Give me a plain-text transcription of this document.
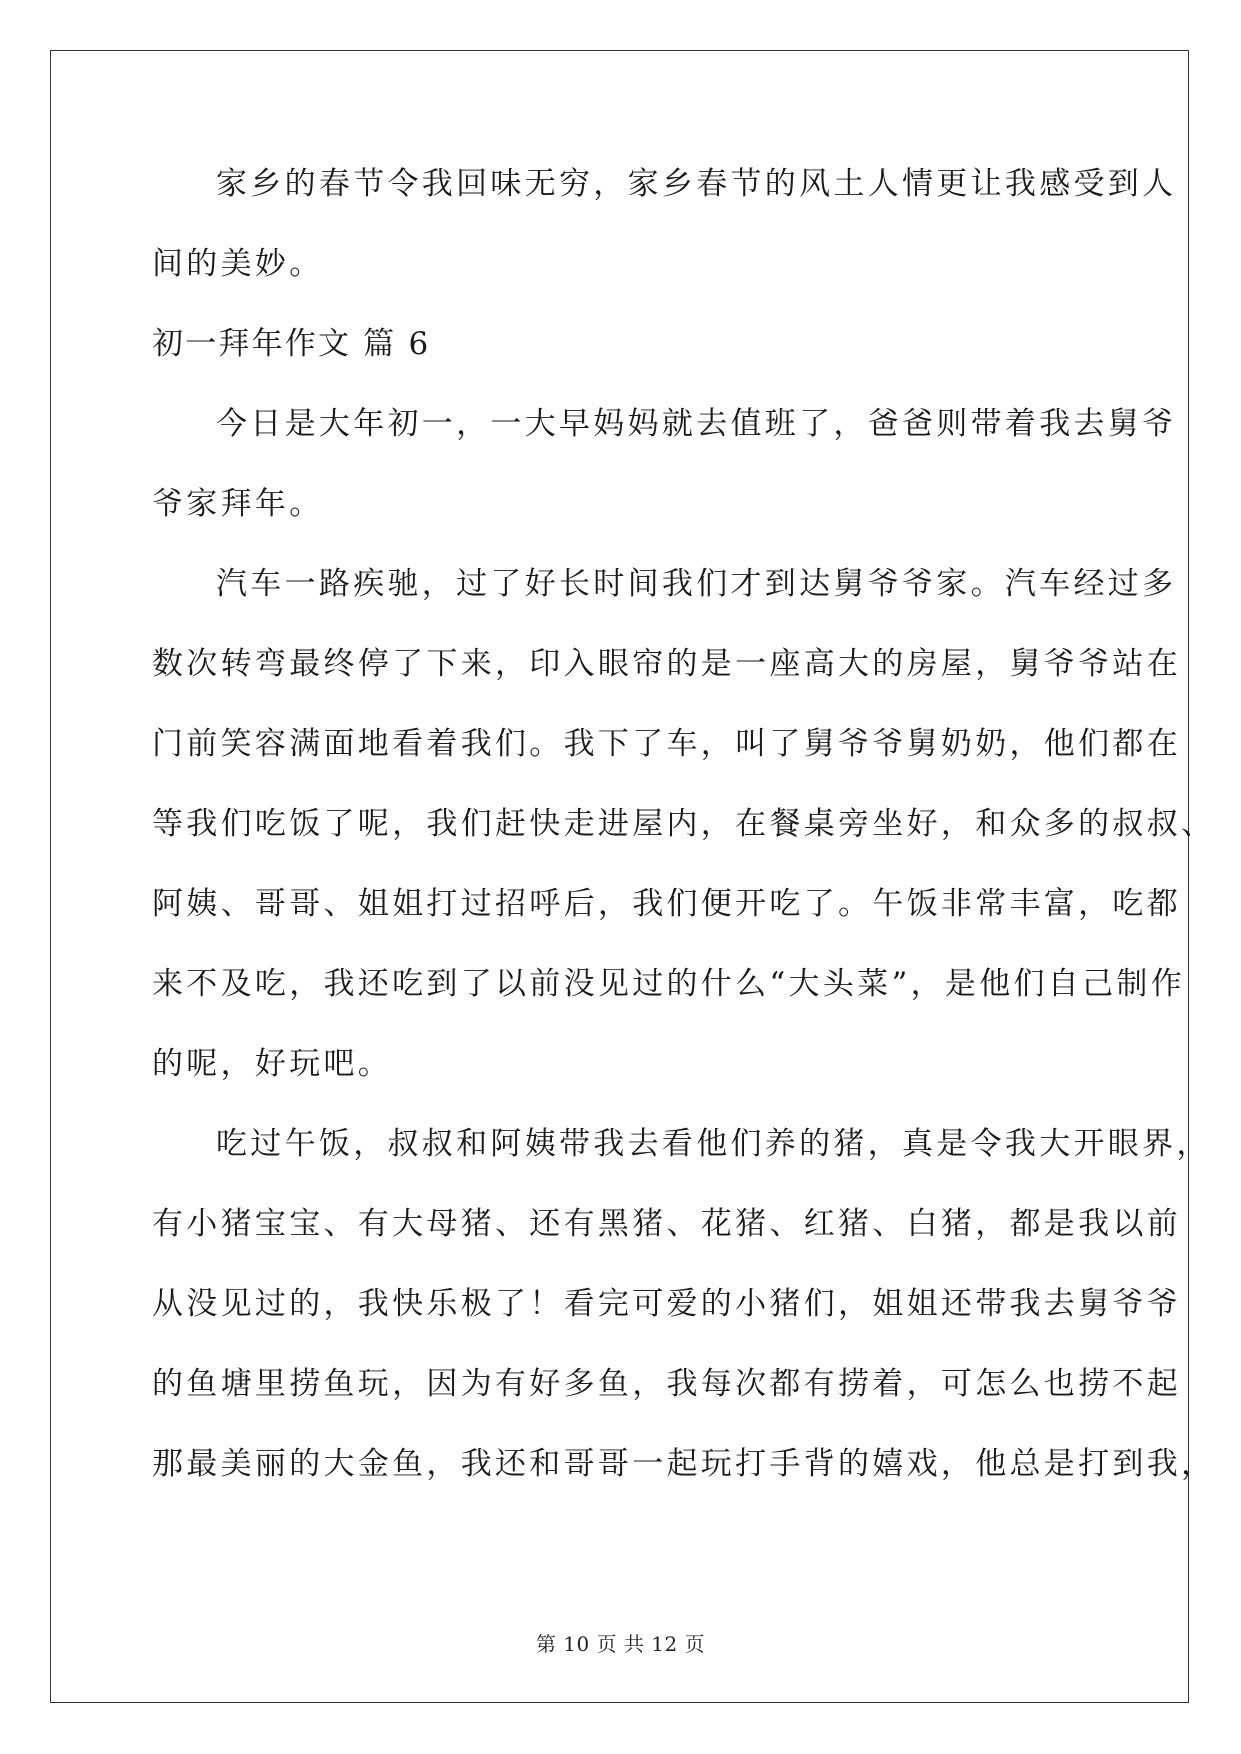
家乡的春节令我回味无穷，家乡春节的风土人情更让我感受到人
间的美妙。
初一拜年作文 篇 6
今日是大年初一，一大早妈妈就去值班了，爸爸则带着我去舅爷
爷家拜年。
汽车一路疾驰，过了好长时间我们才到达舅爷爷家。汽车经过多
数次转弯最终停了下来，印入眼帘的是一座高大的房屋，舅爷爷站在
门前笑容满面地看着我们。我下了车，叫了舅爷爷舅奶奶，他们都在
等我们吃饭了呢，我们赶快走进屋内，在餐桌旁坐好，和众多的叔叔、
阿姨、哥哥、姐姐打过招呼后，我们便开吃了。午饭非常丰富，吃都
来不及吃，我还吃到了以前没见过的什么“大头菜”，是他们自己制作
的呢，好玩吧。
吃过午饭，叔叔和阿姨带我去看他们养的猪，真是令我大开眼界，
有小猪宝宝、有大母猪、还有黑猪、花猪、红猪、白猪，都是我以前
从没见过的，我快乐极了！看完可爱的小猪们，姐姐还带我去舅爷爷
的鱼塘里捞鱼玩，因为有好多鱼，我每次都有捞着，可怎么也捞不起
那最美丽的大金鱼，我还和哥哥一起玩打手背的嬉戏，他总是打到我，
第 10 页 共 12 页
